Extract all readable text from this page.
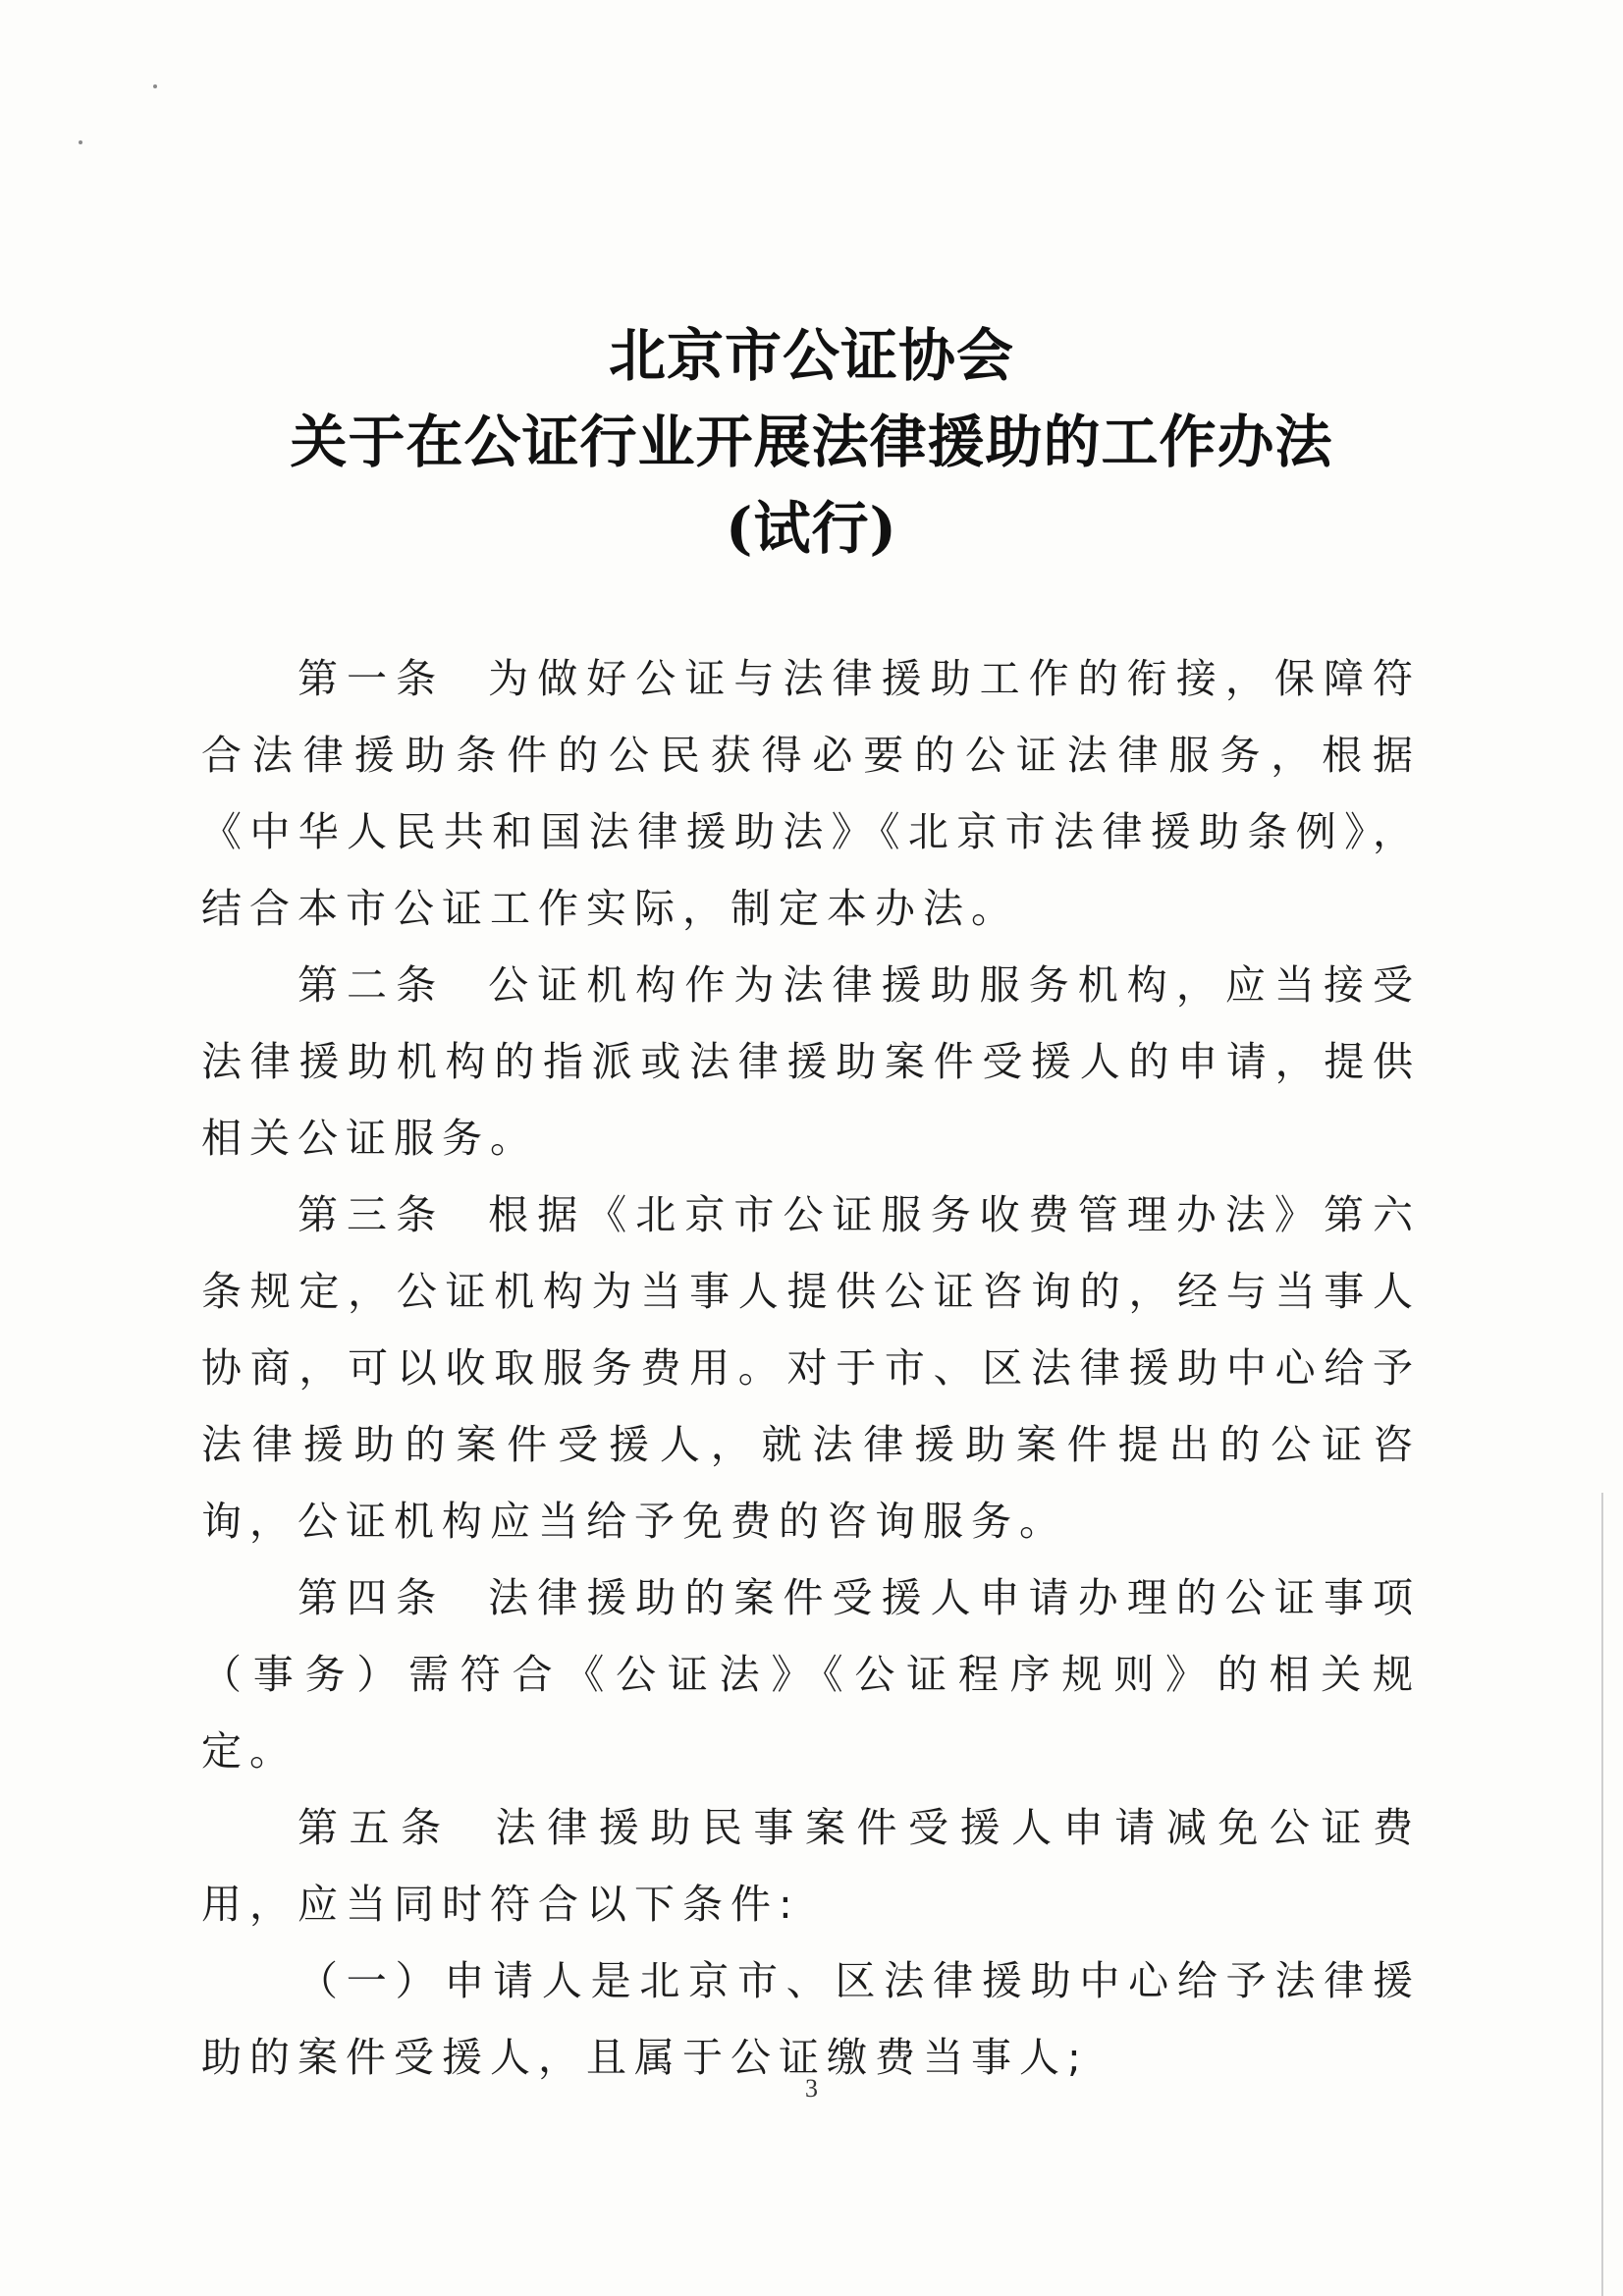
北京市公证协会
关于在公证行业开展法律援助的工作办法
(试行)

第一条 为做好公证与法律援助工作的衔接，保障符合法律援助条件的公民获得必要的公证法律服务，根据《中华人民共和国法律援助法》《北京市法律援助条例》，结合本市公证工作实际，制定本办法。

第二条 公证机构作为法律援助服务机构，应当接受法律援助机构的指派或法律援助案件受援人的申请，提供相关公证服务。

第三条 根据《北京市公证服务收费管理办法》第六条规定，公证机构为当事人提供公证咨询的，经与当事人协商，可以收取服务费用。对于市、区法律援助中心给予法律援助的案件受援人，就法律援助案件提出的公证咨询，公证机构应当给予免费的咨询服务。

第四条 法律援助的案件受援人申请办理的公证事项（事务）需符合《公证法》《公证程序规则》的相关规定。

第五条 法律援助民事案件受援人申请减免公证费用，应当同时符合以下条件:

（一）申请人是北京市、区法律援助中心给予法律援助的案件受援人，且属于公证缴费当事人;

3
